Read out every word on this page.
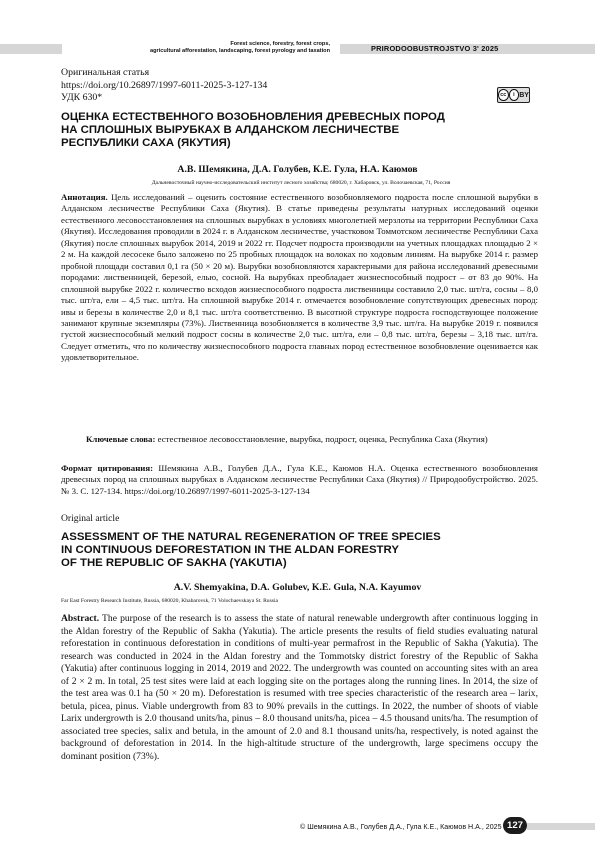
Forest science, forestry, forest crops,
agricultural afforestation, landscaping, forest pyrology and taxation	PRIRODOOBUSTROJSTVO 3' 2025
Оригинальная статья
https://doi.org/10.26897/1997-6011-2025-3-127-134
УДК 630*	cc	i BY
ОЦЕНКА ЕСТЕСТВЕННОГО ВОЗОБНОВЛЕНИЯ ДРЕВЕСНЫХ ПОРОД
НА СПЛОШНЫХ ВЫРУБКАХ В АЛДАНСКОМ ЛЕСНИЧЕСТВЕ
РЕСПУБЛИКИ САХА (ЯКУТИЯ)
А.В. Шемякина, Д.А. Голубев, К.Е. Гула, Н.А. Каюмов
Дальневосточный научно-исследовательский институт лесного хозяйства; 680020, г. Хабаровск, ул. Волочаевская, 71, Россия

Аннотация. Цель исследований – оценить состояние естественного возобновляемого подроста после сплошной вырубки в Алданском лесничестве Республики Саха (Якутия). В статье приведены результаты натурных исследований оценки естественного лесовосстановления на сплошных вырубках в условиях многолетней мерзлоты на территории Республики Саха (Якутия). Исследования проводили в 2024 г. в Алданском лесничестве, участковом Томмотском лесничестве Республики Саха (Якутия) после сплошных вырубок 2014, 2019 и 2022 гг. Подсчет подроста производили на учетных площадках площадью 2 × 2 м. На каждой лесосеке было заложено по 25 пробных площадок на волоках по ходовым линиям. На вырубке 2014 г. размер пробной площади составил 0,1 га (50 × 20 м). Вырубки возобновляются характерными для района исследований древесными породами: лиственницей, березой, елью, сосной. На вырубках преобладает жизнеспособный подрост – от 83 до 90%. На сплошной вырубке 2022 г. количество всходов жизнеспособного подроста лиственницы составило 2,0 тыс. шт/га, сосны – 8,0 тыс. шт/га, ели – 4,5 тыс. шт/га. На сплошной вырубке 2014 г. отмечается возобновление сопутствующих древесных пород: ивы и березы в количестве 2,0 и 8,1 тыс. шт/га соответственно. В высотной структуре подроста господствующее положение занимают крупные экземпляры (73%). Лиственница возобновляется в количестве 3,9 тыс. шт/га. На вырубке 2019 г. появился густой жизнеспособный мелкий подрост сосны в количестве 2,0 тыс. шт/га, ели – 0,8 тыс. шт/га, березы – 3,18 тыс. шт/га. Следует отметить, что по количеству жизнеспособного подроста главных пород естественное возобновление оценивается как удовлетворительное.

Ключевые слова: естественное лесовосстановление, вырубка, подрост, оценка, Республика Саха (Якутия)

Формат цитирования: Шемякина А.В., Голубев Д.А., Гула К.Е., Каюмов Н.А. Оценка естественного возобновления древесных пород на сплошных вырубках в Алданском лесничестве Республики Саха (Якутия) // Природообустройство. 2025. № 3. С. 127-134. https://doi.org/10.26897/1997-6011-2025-3-127-134

Original article
ASSESSMENT OF THE NATURAL REGENERATION OF TREE SPECIES
IN CONTINUOUS DEFORESTATION IN THE ALDAN FORESTRY
OF THE REPUBLIC OF SAKHA (YAKUTIA)
A.V. Shemyakina, D.A. Golubev, K.E. Gula, N.A. Kayumov
Far East Forestry Research Institute, Russia, 680020, Khabarovsk, 71 Volochaevskaya St. Russia

Abstract. The purpose of the research is to assess the state of natural renewable undergrowth after continuous logging in the Aldan forestry of the Republic of Sakha (Yakutia). The article presents the results of field studies evaluating natural reforestation in continuous deforestation in conditions of multi-year permafrost in the Republic of Sakha (Yakutia). The research was conducted in 2024 in the Aldan forestry and the Tommotsky district forestry of the Republic of Sakha (Yakutia) after continuous logging in 2014, 2019 and 2022. The undergrowth was counted on accounting sites with an area of 2 × 2 m. In total, 25 test sites were laid at each logging site on the portages along the running lines. In 2014, the size of the test area was 0.1 ha (50 × 20 m). Deforestation is resumed with tree species characteristic of the research area – larix, betula, picea, pinus. Viable undergrowth from 83 to 90% prevails in the cuttings. In 2022, the number of shoots of viable Larix undergrowth is 2.0 thousand units/ha, pinus – 8.0 thousand units/ha, picea – 4.5 thousand units/ha. The resumption of associated tree species, salix and betula, in the amount of 2.0 and 8.1 thousand units/ha, respectively, is noted against the background of deforestation in 2014. In the high-altitude structure of the undergrowth, large specimens occupy the dominant position (73%).

© Шемякина А.В., Голубев Д.А., Гула К.Е., Каюмов Н.А., 2025 127
